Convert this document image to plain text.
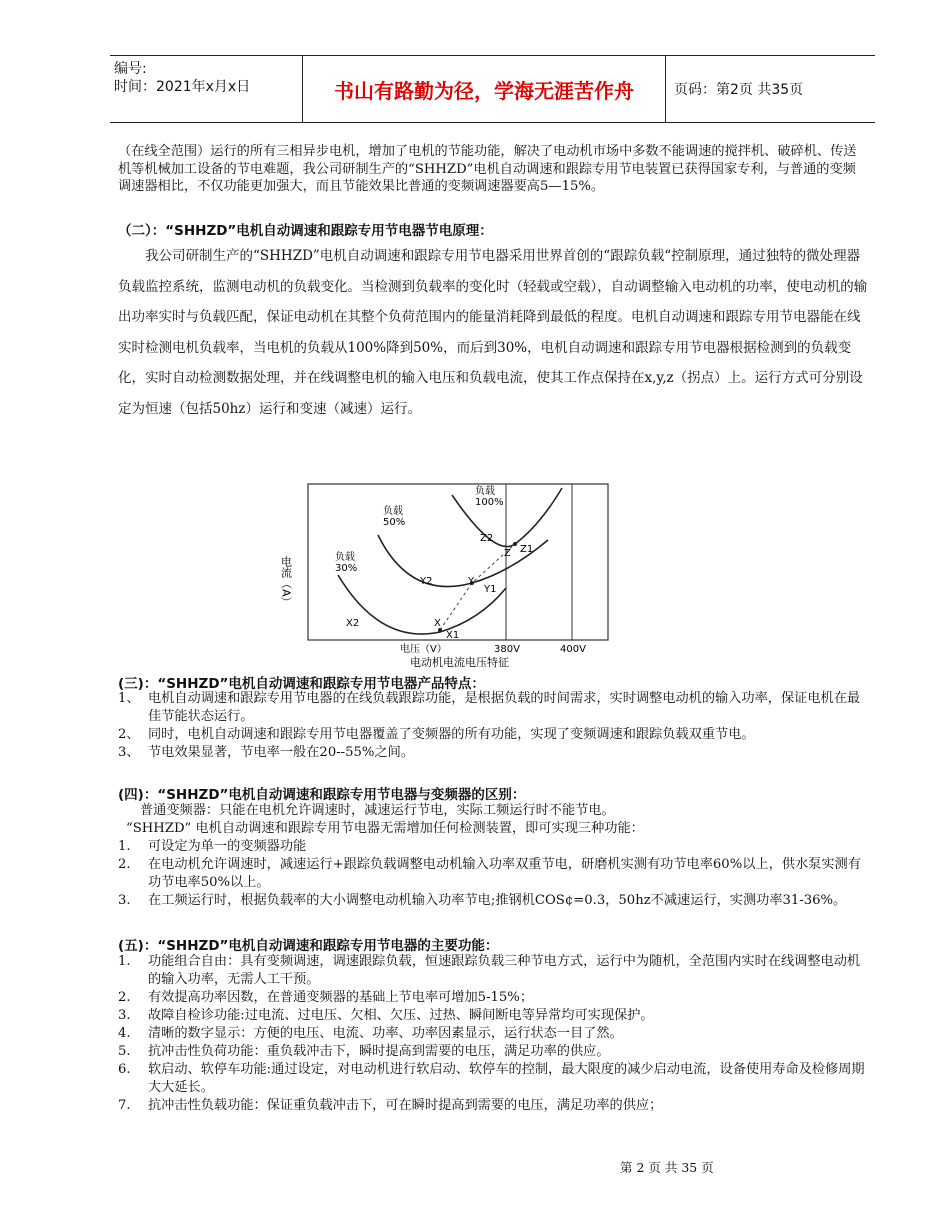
编号:
时间：2021年x月x日	书山有路勤为径，学海无涯苦作舟	页码：第2页 共35页
（在线全范围）运行的所有三相异步电机，增加了电机的节能功能，解决了电动机市场中多数不能调速的搅拌机、破碎机、传送机等机械加工设备的节电难题，我公司研制生产的“SHHZD”电机自动调速和跟踪专用节电装置已获得国家专利，与普通的变频调速器相比，不仅功能更加强大，而且节能效果比普通的变频调速器要高5—15%。
（二）：“SHHZD”电机自动调速和跟踪专用节电器节电原理：
我公司研制生产的“SHHZD”电机自动调速和跟踪专用节电器采用世界首创的“跟踪负载“控制原理，通过独特的微处理器负载监控系统，监测电动机的负载变化。当检测到负载率的变化时（轻载或空载），自动调整输入电动机的功率，使电动机的输出功率实时与负载匹配，保证电动机在其整个负荷范围内的能量消耗降到最低的程度。电机自动调速和跟踪专用节电器能在线实时检测电机负载率，当电机的负载从100%降到50%，而后到30%，电机自动调速和跟踪专用节电器根据检测到的负载变化，实时自动检测数据处理，并在线调整电机的输入电压和负载电流，使其工作点保持在x,y,z（拐点）上。运行方式可分别设定为恒速（包括50hz）运行和变速（减速）运行。
电流（A）
电压（V）	380V	400V
电动机电流电压特征
负载
100%
负载
50%
负载
30%
Z2
Z Z1
Y2	Y
Y1
X2	X
X1
(三)：“SHHZD”电机自动调速和跟踪专用节电器产品特点：
1、 电机自动调速和跟踪专用节电器的在线负载跟踪功能，是根据负载的时间需求，实时调整电动机的输入功率，保证电机在最佳节能状态运行。
2、 同时，电机自动调速和跟踪专用节电器覆盖了变频器的所有功能，实现了变频调速和跟踪负载双重节电。
3、 节电效果显著，节电率一般在20--55%之间。
(四)：“SHHZD”电机自动调速和跟踪专用节电器与变频器的区别：
普通变频器：只能在电机允许调速时，减速运行节电，实际工频运行时不能节电。
“SHHZD” 电机自动调速和跟踪专用节电器无需增加任何检测装置，即可实现三种功能：
1.	可设定为单一的变频器功能
2.	在电动机允许调速时，减速运行+跟踪负载调整电动机输入功率双重节电，研磨机实测有功节电率60%以上，供水泵实测有功节电率50%以上。
3.	在工频运行时，根据负载率的大小调整电动机输入功率节电;推钢机COS¢=0.3，50hz不减速运行，实测功率31-36%。
(五)：“SHHZD”电机自动调速和跟踪专用节电器的主要功能：
1.	功能组合自由：具有变频调速，调速跟踪负载，恒速跟踪负载三种节电方式，运行中为随机，全范围内实时在线调整电动机的输入功率，无需人工干预。
2.	有效提高功率因数，在普通变频器的基础上节电率可增加5-15%；
3.	故障自检诊功能:过电流、过电压、欠相、欠压、过热、瞬间断电等异常均可实现保护。
4.	清晰的数字显示：方便的电压、电流、功率、功率因素显示，运行状态一目了然。
5.	抗冲击性负荷功能：重负载冲击下，瞬时提高到需要的电压，满足功率的供应。
6.	软启动、软停车功能:通过设定，对电动机进行软启动、软停车的控制，最大限度的减少启动电流，设备使用寿命及检修周期大大延长。
7.	抗冲击性负载功能：保证重负载冲击下，可在瞬时提高到需要的电压，满足功率的供应；
第 2 页 共 35 页
